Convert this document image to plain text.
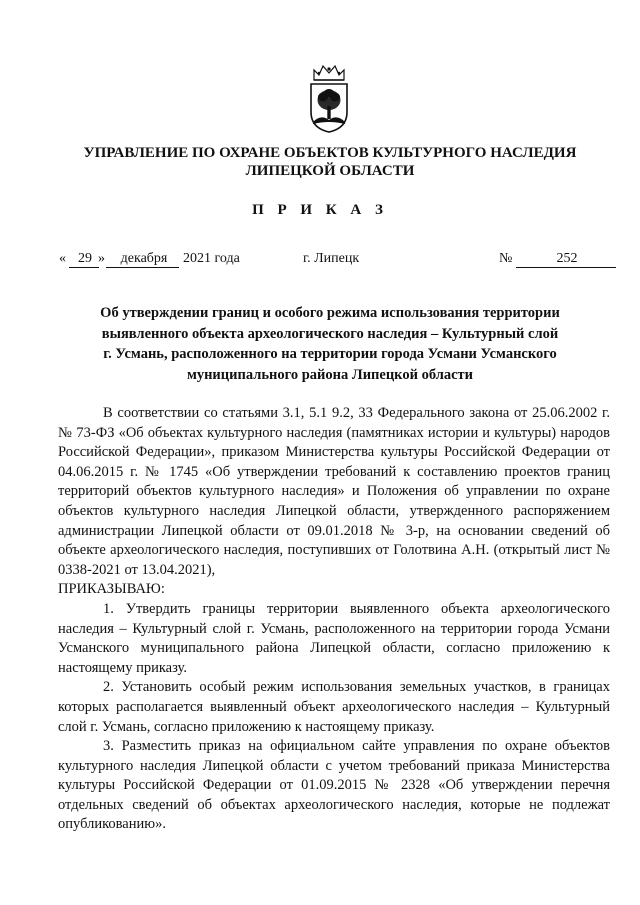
УПРАВЛЕНИЕ ПО ОХРАНЕ ОБЪЕКТОВ КУЛЬТУРНОГО НАСЛЕДИЯ
ЛИПЕЦКОЙ ОБЛАСТИ
П Р И К А З
« 29 »	декабря	2021 года	г. Липецк	№	252
Об утверждении границ и особого режима использования территории
выявленного объекта археологического наследия – Культурный слой
г. Усмань, расположенного на территории города Усмани Усманского
муниципального района Липецкой области

В соответствии со статьями 3.1, 5.1 9.2, 33 Федерального закона от 25.06.2002 г. № 73-ФЗ «Об объектах культурного наследия (памятниках истории и культуры) народов Российской Федерации», приказом Министерства культуры Российской Федерации от 04.06.2015 г. № 1745 «Об утверждении требований к составлению проектов границ территорий объектов культурного наследия» и Положения об управлении по охране объектов культурного наследия Липецкой области, утвержденного распоряжением администрации Липецкой области от 09.01.2018 № 3-р, на основании сведений об объекте археологического наследия, поступивших от Голотвина А.Н. (открытый лист № 0338-2021 от 13.04.2021),

ПРИКАЗЫВАЮ:

1. Утвердить границы территории выявленного объекта археологического наследия – Культурный слой г. Усмань, расположенного на территории города Усмани Усманского муниципального района Липецкой области, согласно приложению к настоящему приказу.

2. Установить особый режим использования земельных участков, в границах которых располагается выявленный объект археологического наследия – Культурный слой г. Усмань, согласно приложению к настоящему приказу.

3. Разместить приказ на официальном сайте управления по охране объектов культурного наследия Липецкой области с учетом требований приказа Министерства культуры Российской Федерации от 01.09.2015 № 2328 «Об утверждении перечня отдельных сведений об объектах археологического наследия, которые не подлежат опубликованию».
